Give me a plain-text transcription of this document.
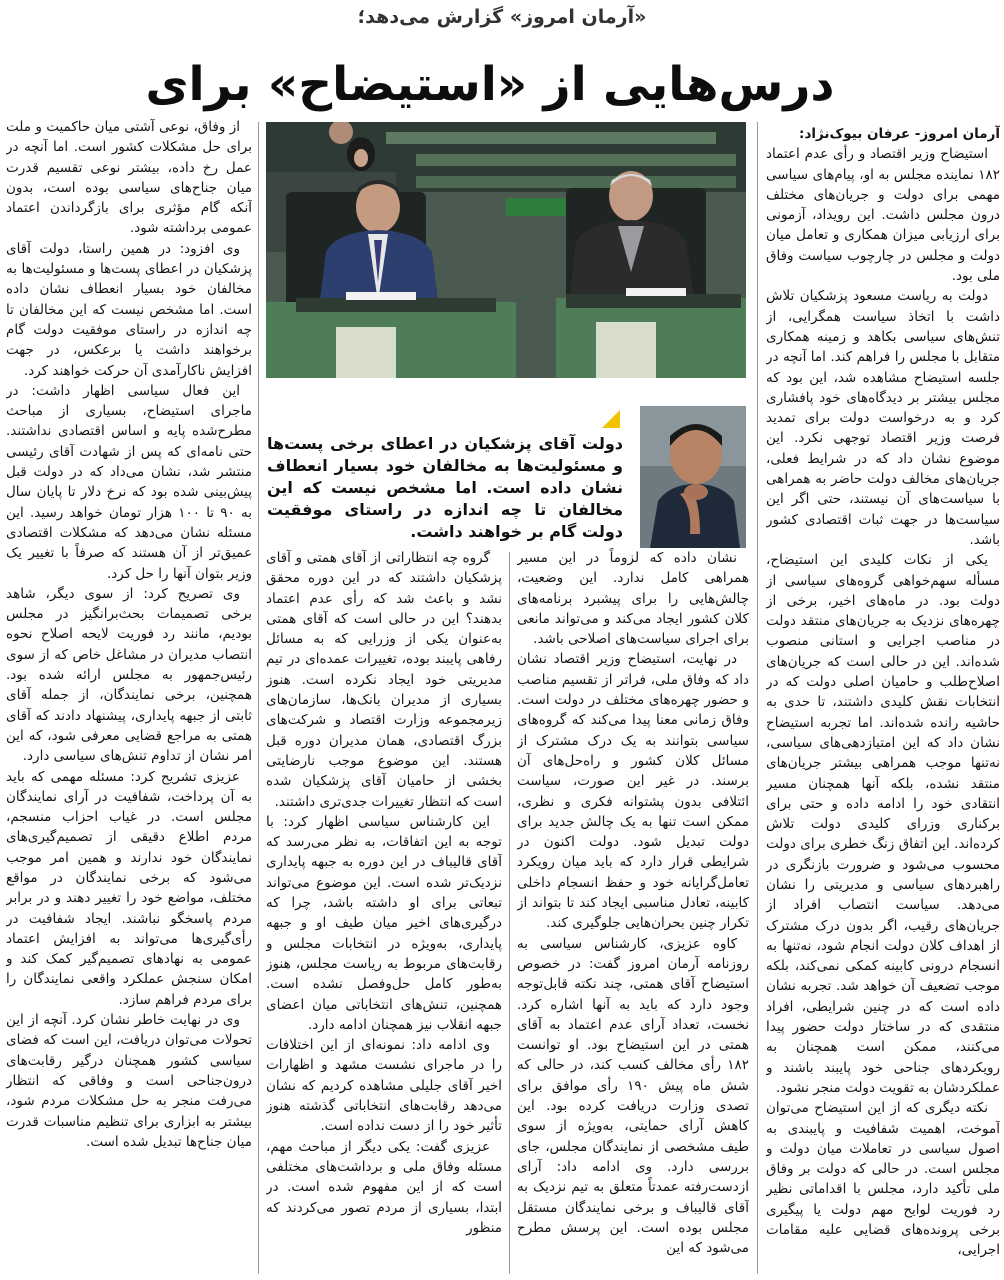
«آرمان امروز» گزارش می‌دهد؛
درس‌هایی از «استیضاح» برای

آرمان امروز- عرفان بیوک‌نژاد:

استیضاح وزیر اقتصاد و رأی عدم اعتماد ۱۸۲ نماینده مجلس به او، پیام‌های سیاسی مهمی برای دولت و جریان‌های مختلف درون مجلس داشت. این رویداد، آزمونی برای ارزیابی میزان همکاری و تعامل میان دولت و مجلس در چارچوب سیاست وفاق ملی بود.

دولت به ریاست مسعود پزشکیان تلاش داشت با اتخاذ سیاست همگرایی، از تنش‌های سیاسی بکاهد و زمینه همکاری متقابل با مجلس را فراهم کند. اما آنچه در جلسه استیضاح مشاهده شد، این بود که مجلس بیشتر بر دیدگاه‌های خود پافشاری کرد و به درخواست دولت برای تمدید فرصت وزیر اقتصاد توجهی نکرد. این موضوع نشان داد که در شرایط فعلی، جریان‌های مخالف دولت حاضر به همراهی با سیاست‌های آن نیستند، حتی اگر این سیاست‌ها در جهت ثبات اقتصادی کشور باشد.

یکی از نکات کلیدی این استیضاح، مسأله سهم‌خواهی گروه‌های سیاسی از دولت بود. در ماه‌های اخیر، برخی از چهره‌های نزدیک به جریان‌های منتقد دولت در مناصب اجرایی و استانی منصوب شده‌اند. این در حالی است که جریان‌های اصلاح‌طلب و حامیان اصلی دولت که در انتخابات نقش کلیدی داشتند، تا حدی به حاشیه رانده شده‌اند. اما تجربه استیضاح نشان داد که این امتیازدهی‌های سیاسی، نه‌تنها موجب همراهی بیشتر جریان‌های منتقد نشده، بلکه آنها همچنان مسیر انتقادی خود را ادامه داده و حتی برای برکناری وزرای کلیدی دولت تلاش کرده‌اند. این اتفاق زنگ خطری برای دولت محسوب می‌شود و ضرورت بازنگری در راهبردهای سیاسی و مدیریتی را نشان می‌دهد. سیاست انتصاب افراد از جریان‌های رقیب، اگر بدون درک مشترک از اهداف کلان دولت انجام شود، نه‌تنها به انسجام درونی کابینه کمکی نمی‌کند، بلکه موجب تضعیف آن خواهد شد. تجربه نشان داده است که در چنین شرایطی، افراد منتقدی که در ساختار دولت حضور پیدا می‌کنند، ممکن است همچنان به رویکردهای جناحی خود پایبند باشند و عملکردشان به تقویت دولت منجر نشود.

نکته دیگری که از این استیضاح می‌توان آموخت، اهمیت شفافیت و پایبندی به اصول سیاسی در تعاملات میان دولت و مجلس است. در حالی که دولت بر وفاق ملی تأکید دارد، مجلس با اقداماتی نظیر رد فوریت لوایح مهم دولت یا پیگیری برخی پرونده‌های قضایی علیه مقامات اجرایی،

دولت آقای پزشکیان در اعطای برخی پست‌ها و مسئولیت‌ها به مخالفان خود بسیار انعطاف نشان داده است. اما مشخص نیست که این مخالفان تا چه اندازه در راستای موفقیت دولت گام بر خواهند داشت.

نشان داده که لزوماً در این مسیر همراهی کامل ندارد. این وضعیت، چالش‌هایی را برای پیشبرد برنامه‌های کلان کشور ایجاد می‌کند و می‌تواند مانعی برای اجرای سیاست‌های اصلاحی باشد.

در نهایت، استیضاح وزیر اقتصاد نشان داد که وفاق ملی، فراتر از تقسیم مناصب و حضور چهره‌های مختلف در دولت است. وفاق زمانی معنا پیدا می‌کند که گروه‌های سیاسی بتوانند به یک درک مشترک از مسائل کلان کشور و راه‌حل‌های آن برسند. در غیر این صورت، سیاست ائتلافی بدون پشتوانه فکری و نظری، ممکن است تنها به یک چالش جدید برای دولت تبدیل شود. دولت اکنون در شرایطی قرار دارد که باید میان رویکرد تعامل‌گرایانه خود و حفظ انسجام داخلی کابینه، تعادل مناسبی ایجاد کند تا بتواند از تکرار چنین بحران‌هایی جلوگیری کند.

کاوه عزیزی، کارشناس سیاسی به روزنامه آرمان امروز گفت: در خصوص استیضاح آقای همتی، چند نکته قابل‌توجه وجود دارد که باید به آنها اشاره کرد. نخست، تعداد آرای عدم اعتماد به آقای همتی در این استیضاح بود. او توانست ۱۸۲ رأی مخالف کسب کند، در حالی که شش ماه پیش ۱۹۰ رأی موافق برای تصدی وزارت دریافت کرده بود. این کاهش آرای حمایتی، به‌ویژه از سوی طیف مشخصی از نمایندگان مجلس، جای بررسی دارد. وی ادامه داد: آرای ازدست‌رفته عمدتاً متعلق به تیم نزدیک به آقای قالیباف و برخی نمایندگان مستقل مجلس بوده است. این پرسش مطرح می‌شود که این

گروه چه انتظاراتی از آقای همتی و آقای پزشکیان داشتند که در این دوره محقق نشد و باعث شد که رأی عدم اعتماد بدهند؟ این در حالی است که آقای همتی به‌عنوان یکی از وزرایی که به مسائل رفاهی پایبند بوده، تغییرات عمده‌ای در تیم مدیریتی خود ایجاد نکرده است. هنوز بسیاری از مدیران بانک‌ها، سازمان‌های زیرمجموعه وزارت اقتصاد و شرکت‌های بزرگ اقتصادی، همان مدیران دوره قبل هستند. این موضوع موجب نارضایتی بخشی از حامیان آقای پزشکیان شده است که انتظار تغییرات جدی‌تری داشتند.

این کارشناس سیاسی اظهار کرد: با توجه به این اتفاقات، به نظر می‌رسد که آقای قالیباف در این دوره به جبهه پایداری نزدیک‌تر شده است. این موضوع می‌تواند تبعاتی برای او داشته باشد، چرا که درگیری‌های اخیر میان طیف او و جبهه پایداری، به‌ویژه در انتخابات مجلس و رقابت‌های مربوط به ریاست مجلس، هنوز به‌طور کامل حل‌وفصل نشده است. همچنین، تنش‌های انتخاباتی میان اعضای جبهه انقلاب نیز همچنان ادامه دارد.

وی ادامه داد: نمونه‌ای از این اختلافات را در ماجرای نشست مشهد و اظهارات اخیر آقای جلیلی مشاهده کردیم که نشان می‌دهد رقابت‌های انتخاباتی گذشته هنوز تأثیر خود را از دست نداده است.

عزیزی گفت: یکی دیگر از مباحث مهم، مسئله وفاق ملی و برداشت‌های مختلفی است که از این مفهوم شده است. در ابتدا، بسیاری از مردم تصور می‌کردند که منظور

از وفاق، نوعی آشتی میان حاکمیت و ملت برای حل مشکلات کشور است. اما آنچه در عمل رخ داده، بیشتر نوعی تقسیم قدرت میان جناح‌های سیاسی بوده است، بدون آنکه گام مؤثری برای بازگرداندن اعتماد عمومی برداشته شود.

وی افزود: در همین راستا، دولت آقای پزشکیان در اعطای پست‌ها و مسئولیت‌ها به مخالفان خود بسیار انعطاف نشان داده است. اما مشخص نیست که این مخالفان تا چه اندازه در راستای موفقیت دولت گام برخواهند داشت یا برعکس، در جهت افزایش ناکارآمدی آن حرکت خواهند کرد.

این فعال سیاسی اظهار داشت: در ماجرای استیضاح، بسیاری از مباحث مطرح‌شده پایه و اساس اقتصادی نداشتند. حتی نامه‌ای که پس از شهادت آقای رئیسی منتشر شد، نشان می‌داد که در دولت قبل پیش‌بینی شده بود که نرخ دلار تا پایان سال به ۹۰ تا ۱۰۰ هزار تومان خواهد رسید. این مسئله نشان می‌دهد که مشکلات اقتصادی عمیق‌تر از آن هستند که صرفاً با تغییر یک وزیر بتوان آنها را حل کرد.

وی تصریح کرد: از سوی دیگر، شاهد برخی تصمیمات بحث‌برانگیز در مجلس بودیم، مانند رد فوریت لایحه اصلاح نحوه انتصاب مدیران در مشاغل خاص که از سوی رئیس‌جمهور به مجلس ارائه شده بود. همچنین، برخی نمایندگان، از جمله آقای ثابتی از جبهه پایداری، پیشنهاد دادند که آقای همتی به مراجع قضایی معرفی شود، که این امر نشان از تداوم تنش‌های سیاسی دارد.

عزیزی تشریح کرد: مسئله مهمی که باید به آن پرداخت، شفافیت در آرای نمایندگان مجلس است. در غیاب احزاب منسجم، مردم اطلاع دقیقی از تصمیم‌گیری‌های نمایندگان خود ندارند و همین امر موجب می‌شود که برخی نمایندگان در مواقع مختلف، مواضع خود را تغییر دهند و در برابر مردم پاسخگو نباشند. ایجاد شفافیت در رأی‌گیری‌ها می‌تواند به افزایش اعتماد عمومی به نهادهای تصمیم‌گیر کمک کند و امکان سنجش عملکرد واقعی نمایندگان را برای مردم فراهم سازد.

وی در نهایت خاطر نشان کرد. آنچه از این تحولات می‌توان دریافت، این است که فضای سیاسی کشور همچنان درگیر رقابت‌های درون‌جناحی است و وفاقی که انتظار می‌رفت منجر به حل مشکلات مردم شود، بیشتر به ابزاری برای تنظیم مناسبات قدرت میان جناح‌ها تبدیل شده است.
